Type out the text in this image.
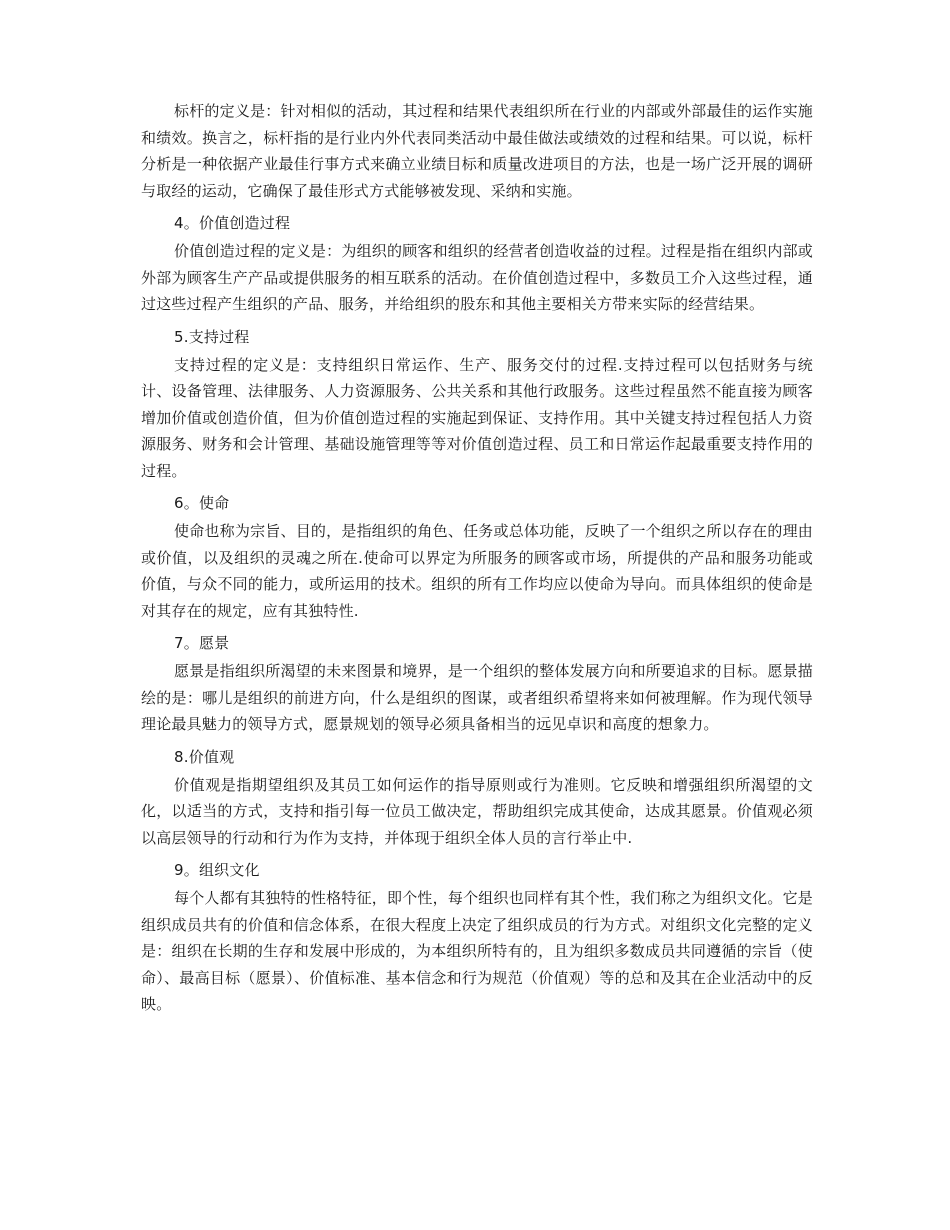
标杆的定义是：针对相似的活动，其过程和结果代表组织所在行业的内部或外部最佳的运作实施和绩效。换言之，标杆指的是行业内外代表同类活动中最佳做法或绩效的过程和结果。可以说，标杆分析是一种依据产业最佳行事方式来确立业绩目标和质量改进项目的方法，也是一场广泛开展的调研与取经的运动，它确保了最佳形式方式能够被发现、采纳和实施。

4。价值创造过程

价值创造过程的定义是：为组织的顾客和组织的经营者创造收益的过程。过程是指在组织内部或外部为顾客生产产品或提供服务的相互联系的活动。在价值创造过程中，多数员工介入这些过程，通过这些过程产生组织的产品、服务，并给组织的股东和其他主要相关方带来实际的经营结果。

5.支持过程

支持过程的定义是：支持组织日常运作、生产、服务交付的过程.支持过程可以包括财务与统计、设备管理、法律服务、人力资源服务、公共关系和其他行政服务。这些过程虽然不能直接为顾客增加价值或创造价值，但为价值创造过程的实施起到保证、支持作用。其中关键支持过程包括人力资源服务、财务和会计管理、基础设施管理等等对价值创造过程、员工和日常运作起最重要支持作用的过程。

6。使命

使命也称为宗旨、目的，是指组织的角色、任务或总体功能，反映了一个组织之所以存在的理由或价值，以及组织的灵魂之所在.使命可以界定为所服务的顾客或市场，所提供的产品和服务功能或价值，与众不同的能力，或所运用的技术。组织的所有工作均应以使命为导向。而具体组织的使命是对其存在的规定，应有其独特性.

7。愿景

愿景是指组织所渴望的未来图景和境界，是一个组织的整体发展方向和所要追求的目标。愿景描绘的是：哪儿是组织的前进方向，什么是组织的图谋，或者组织希望将来如何被理解。作为现代领导理论最具魅力的领导方式，愿景规划的领导必须具备相当的远见卓识和高度的想象力。

8.价值观

价值观是指期望组织及其员工如何运作的指导原则或行为准则。它反映和增强组织所渴望的文化，以适当的方式，支持和指引每一位员工做决定，帮助组织完成其使命，达成其愿景。价值观必须以高层领导的行动和行为作为支持，并体现于组织全体人员的言行举止中.

9。组织文化

每个人都有其独特的性格特征，即个性，每个组织也同样有其个性，我们称之为组织文化。它是组织成员共有的价值和信念体系，在很大程度上决定了组织成员的行为方式。对组织文化完整的定义是：组织在长期的生存和发展中形成的，为本组织所特有的，且为组织多数成员共同遵循的宗旨（使命）、最高目标（愿景）、价值标准、基本信念和行为规范（价值观）等的总和及其在企业活动中的反映。
